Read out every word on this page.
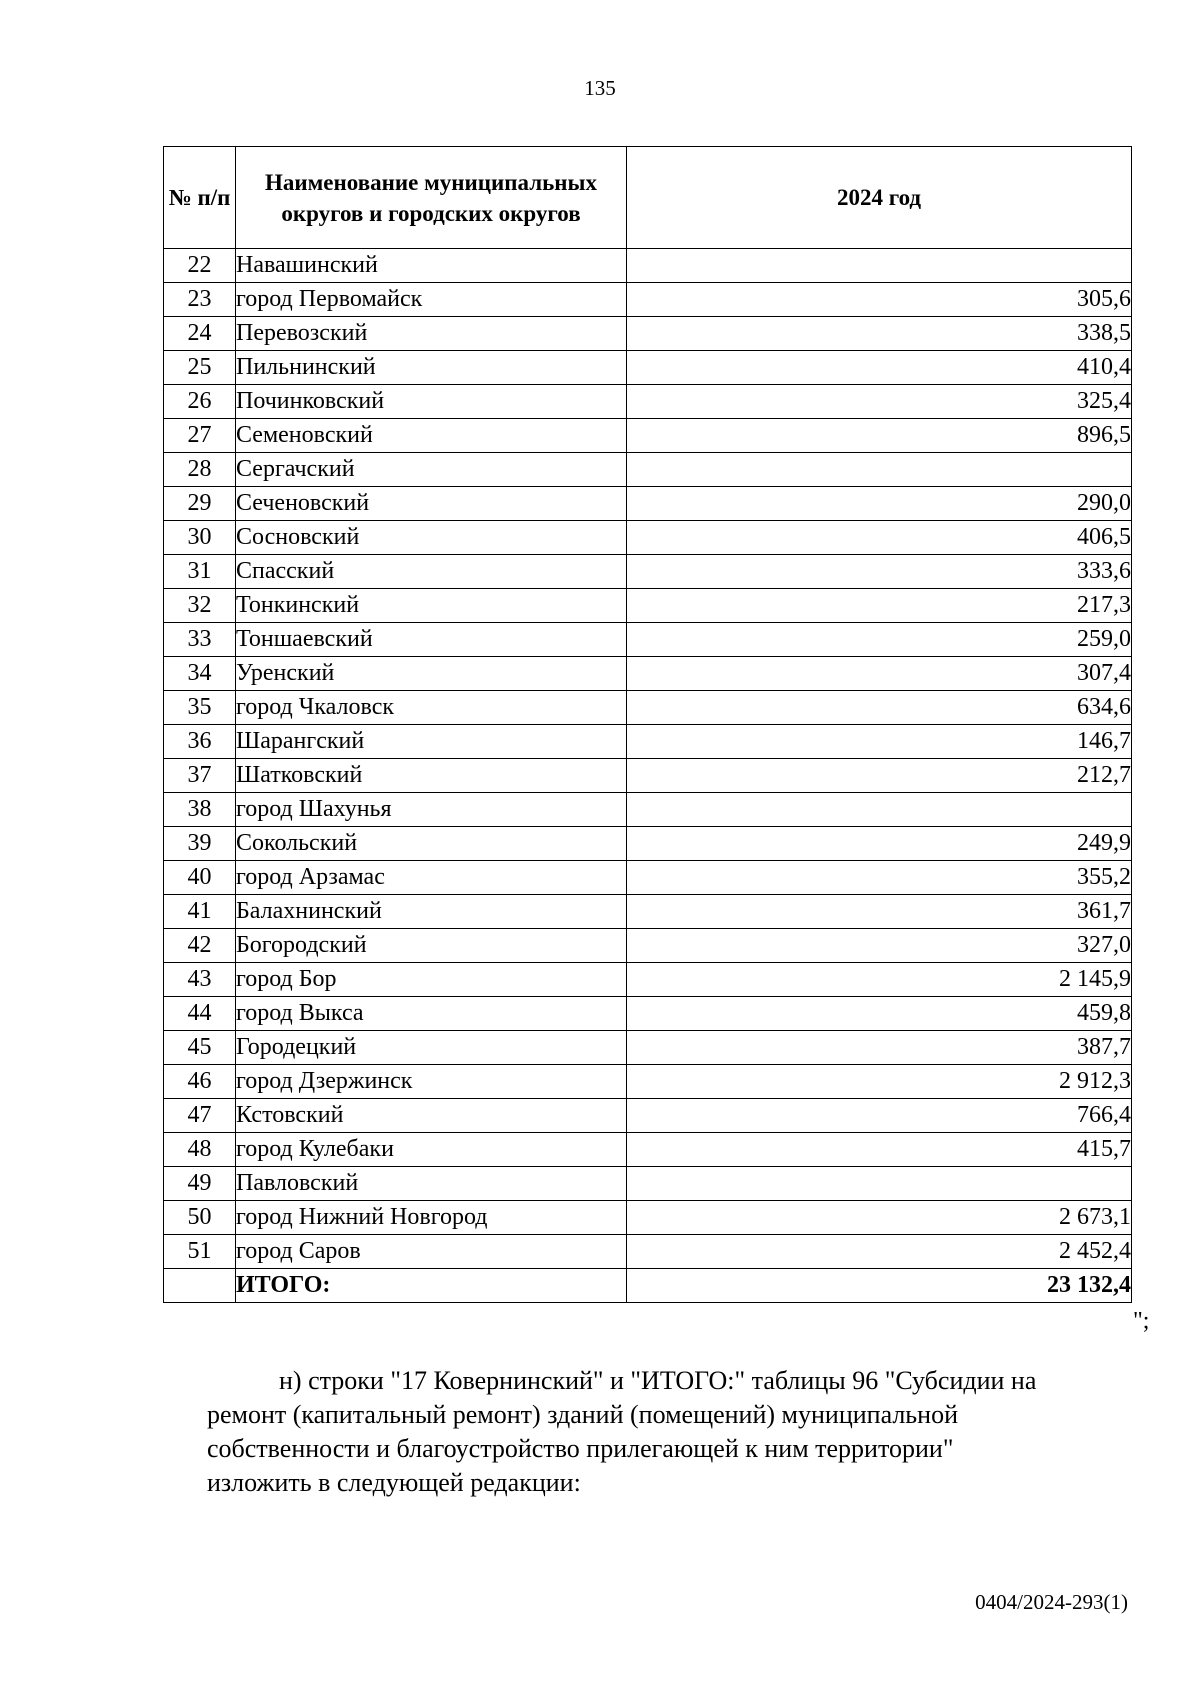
135
№ п/п	Наименование муниципальных округов и городских округов	2024 год
22	Навашинский	
23	город Первомайск	305,6
24	Перевозский	338,5
25	Пильнинский	410,4
26	Починковский	325,4
27	Семеновский	896,5
28	Сергачский	
29	Сеченовский	290,0
30	Сосновский	406,5
31	Спасский	333,6
32	Тонкинский	217,3
33	Тоншаевский	259,0
34	Уренский	307,4
35	город Чкаловск	634,6
36	Шарангский	146,7
37	Шатковский	212,7
38	город Шахунья	
39	Сокольский	249,9
40	город Арзамас	355,2
41	Балахнинский	361,7
42	Богородский	327,0
43	город Бор	2 145,9
44	город Выкса	459,8
45	Городецкий	387,7
46	город Дзержинск	2 912,3
47	Кстовский	766,4
48	город Кулебаки	415,7
49	Павловский	
50	город Нижний Новгород	2 673,1
51	город Саров	2 452,4
	ИТОГО:	23 132,4
";
н) строки "17 Ковернинский" и "ИТОГО:" таблицы 96 "Субсидии на
ремонт (капитальный ремонт) зданий (помещений) муниципальной
собственности и благоустройство прилегающей к ним территории"
изложить в следующей редакции:
0404/2024-293(1)
